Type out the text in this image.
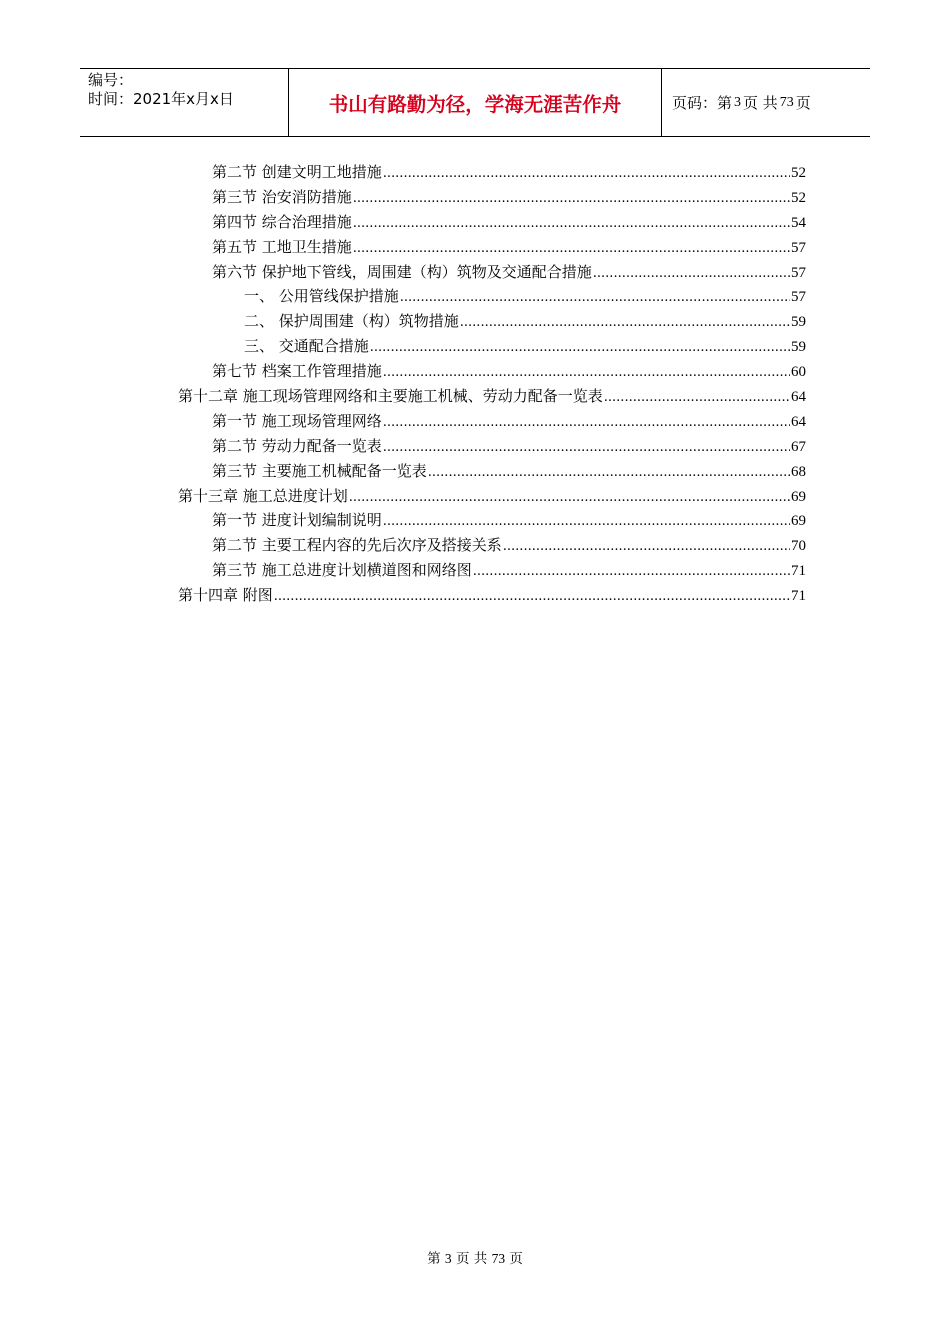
编号：
时间：2021年x月x日	书山有路勤为径，学海无涯苦作舟	页码：第 3 页 共 73 页
第二节 创建文明工地措施 .....	52
第三节 治安消防措施 .....	52
第四节 综合治理措施 .....	54
第五节 工地卫生措施 .....	57
第六节 保护地下管线，周围建（构）筑物及交通配合措施 .....	57
一、 公用管线保护措施 .....	57
二、 保护周围建（构）筑物措施 .....	59
三、 交通配合措施 .....	59
第七节 档案工作管理措施 .....	60
第十二章 施工现场管理网络和主要施工机械、劳动力配备一览表 .....	64
第一节 施工现场管理网络 .....	64
第二节 劳动力配备一览表 .....	67
第三节 主要施工机械配备一览表 .....	68
第十三章 施工总进度计划 .....	69
第一节 进度计划编制说明 .....	69
第二节 主要工程内容的先后次序及搭接关系 .....	70
第三节 施工总进度计划横道图和网络图 .....	71
第十四章 附图 .....	71
第 3 页 共 73 页
